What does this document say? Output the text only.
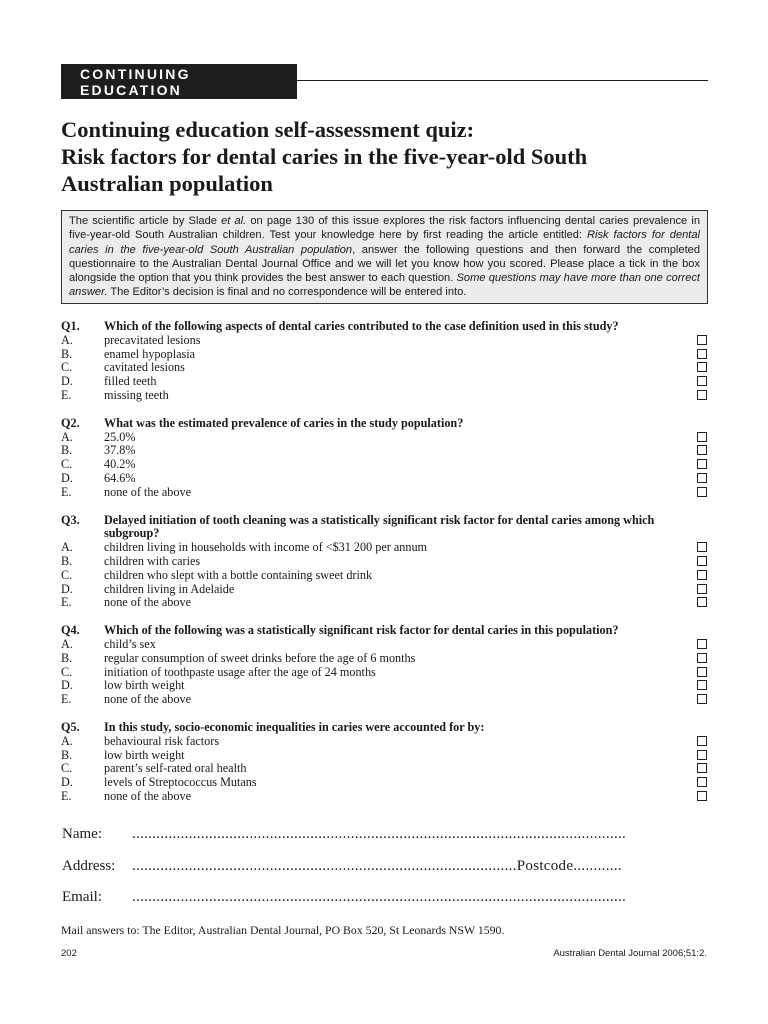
CONTINUING EDUCATION
Continuing education self-assessment quiz:
Risk factors for dental caries in the five-year-old South
Australian population
The scientific article by Slade et al. on page 130 of this issue explores the risk factors influencing dental caries prevalence in five-year-old South Australian children. Test your knowledge here by first reading the article entitled: Risk factors for dental caries in the five-year-old South Australian population, answer the following questions and then forward the completed questionnaire to the Australian Dental Journal Office and we will let you know how you scored. Please place a tick in the box alongside the option that you think provides the best answer to each question. Some questions may have more than one correct answer. The Editor’s decision is final and no correspondence will be entered into.
Q1.	Which of the following aspects of dental caries contributed to the case definition used in this study?
A.	precavitated lesions
B.	enamel hypoplasia
C.	cavitated lesions
D.	filled teeth
E.	missing teeth
Q2.	What was the estimated prevalence of caries in the study population?
A.	25.0%
B.	37.8%
C.	40.2%
D.	64.6%
E.	none of the above
Q3.	Delayed initiation of tooth cleaning was a statistically significant risk factor for dental caries among which subgroup?
A.	children living in households with income of <$31 200 per annum
B.	children with caries
C.	children who slept with a bottle containing sweet drink
D.	children living in Adelaide
E.	none of the above
Q4.	Which of the following was a statistically significant risk factor for dental caries in this population?
A.	child’s sex
B.	regular consumption of sweet drinks before the age of 6 months
C.	initiation of toothpaste usage after the age of 24 months
D.	low birth weight
E.	none of the above
Q5.	In this study, socio-economic inequalities in caries were accounted for by:
A.	behavioural risk factors
B.	low birth weight
C.	parent’s self-rated oral health
D.	levels of Streptococcus Mutans
E.	none of the above
Name:	..........................................................................................................................
Address:	...............................................................................................Postcode............
Email:	..........................................................................................................................
Mail answers to: The Editor, Australian Dental Journal, PO Box 520, St Leonards NSW 1590.
202	Australian Dental Journal 2006;51:2.
